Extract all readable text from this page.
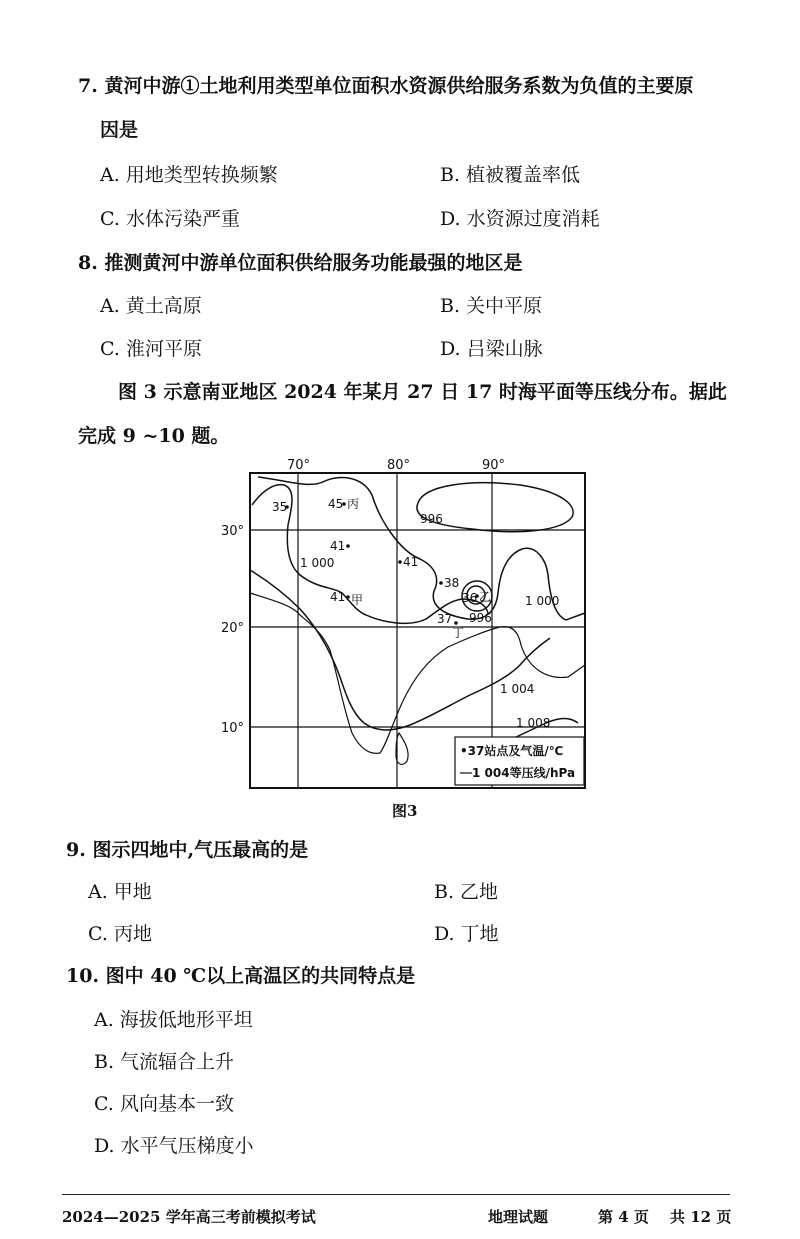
7. 黄河中游①土地利用类型单位面积水资源供给服务系数为负值的主要原
因是
A. 用地类型转换频繁	B. 植被覆盖率低
C. 水体污染严重	D. 水资源过度消耗
8. 推测黄河中游单位面积供给服务功能最强的地区是
A. 黄土高原	B. 关中平原
C. 淮河平原	D. 吕梁山脉
图 3 示意南亚地区 2024 年某月 27 日 17 时海平面等压线分布。据此
完成 9 ~10 题。
996
1 000
1 000
996
1 004
1 008
35	45 丙
41
41
41 甲
38
36 乙
37
丁
70°	80°	90°
30°
20°
10°
•37站点及气温/℃
1 004等压线/hPa
图3
9. 图示四地中,气压最高的是
A. 甲地	B. 乙地
C. 丙地	D. 丁地
10. 图中 40 ℃以上高温区的共同特点是
A. 海拔低地形平坦
B. 气流辐合上升
C. 风向基本一致
D. 水平气压梯度小
2024—2025 学年高三考前模拟考试	地理试题	第 4 页 共 12 页
